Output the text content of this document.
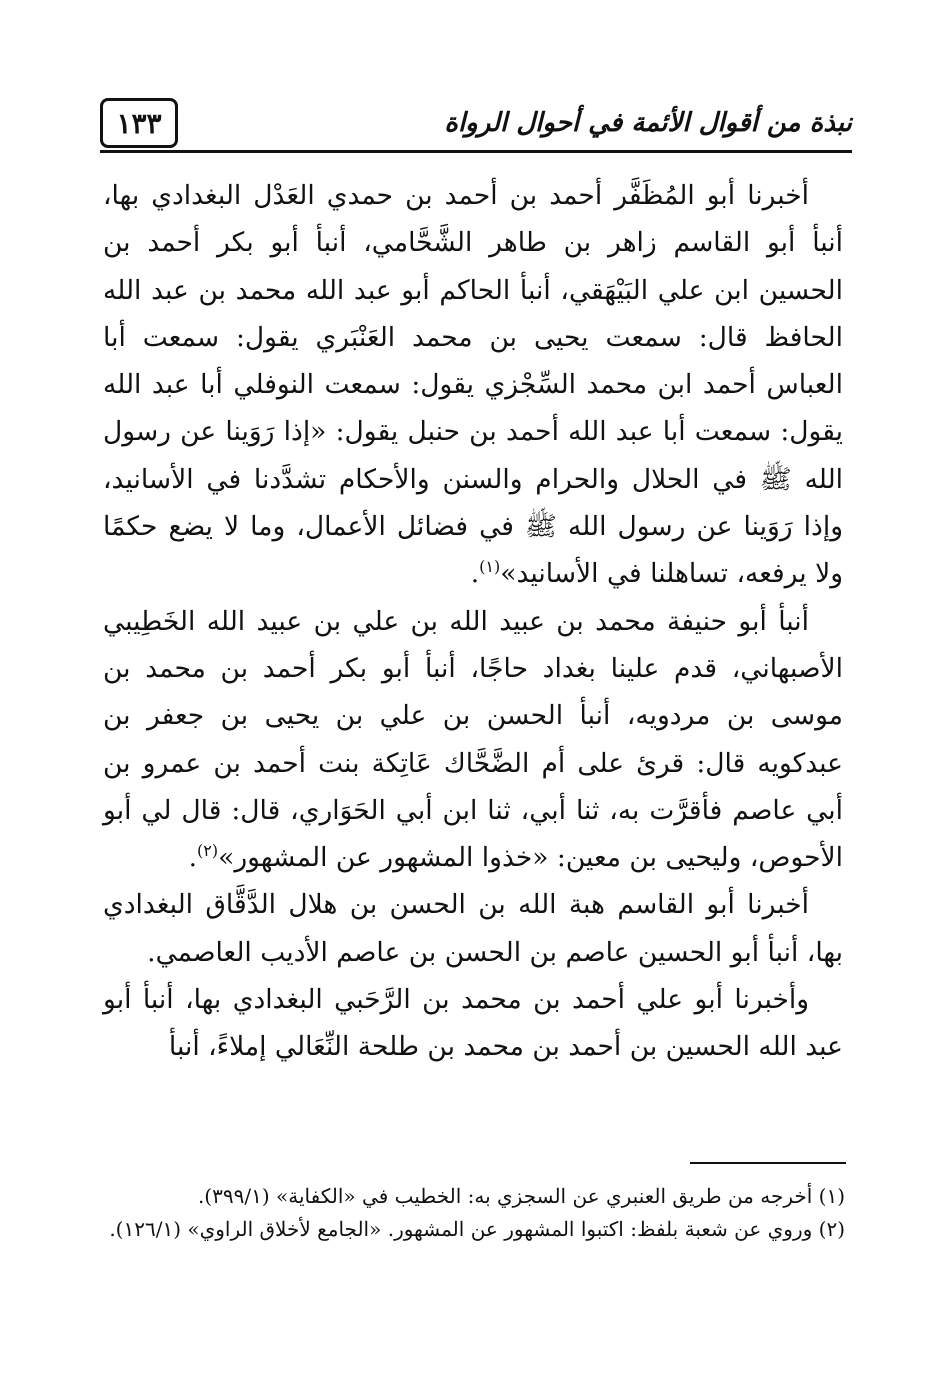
١٣٣	نبذة من أقوال الأئمة في أحوال الرواة

أخبرنا أبو المُظَفَّر أحمد بن أحمد بن حمدي العَدْل البغدادي بها، أنبأ أبو القاسم زاهر بن طاهر الشَّحَّامي، أنبأ أبو بكر أحمد بن الحسين ابن علي البَيْهَقي، أنبأ الحاكم أبو عبد الله محمد بن عبد الله الحافظ قال: سمعت يحيى بن محمد العَنْبَري يقول: سمعت أبا العباس أحمد ابن محمد السِّجْزي يقول: سمعت النوفلي أبا عبد الله يقول: سمعت أبا عبد الله أحمد بن حنبل يقول: «إذا رَوَينا عن رسول الله ﷺ في الحلال والحرام والسنن والأحكام تشدَّدنا في الأسانيد، وإذا رَوَينا عن رسول الله ﷺ في فضائل الأعمال، وما لا يضع حكمًا ولا يرفعه، تساهلنا في الأسانيد»$^{(١)}$.

أنبأ أبو حنيفة محمد بن عبيد الله بن علي بن عبيد الله الخَطِيبي الأصبهاني، قدم علينا بغداد حاجًا، أنبأ أبو بكر أحمد بن محمد بن موسى بن مردويه، أنبأ الحسن بن علي بن يحيى بن جعفر بن عبدكويه قال: قرئ على أم الضَّحَّاك عَاتِكة بنت أحمد بن عمرو بن أبي عاصم فأقرَّت به، ثنا أبي، ثنا ابن أبي الحَوَاري، قال: قال لي أبو الأحوص، وليحيى بن معين: «خذوا المشهور عن المشهور»$^{(٢)}$.

أخبرنا أبو القاسم هبة الله بن الحسن بن هلال الدَّقَّاق البغدادي بها، أنبأ أبو الحسين عاصم بن الحسن بن عاصم الأديب العاصمي.

وأخبرنا أبو علي أحمد بن محمد بن الرَّحَبي البغدادي بها، أنبأ أبو عبد الله الحسين بن أحمد بن محمد بن طلحة النِّعَالي إملاءً، أنبأ

(١) أخرجه من طريق العنبري عن السجزي به: الخطيب في «الكفاية» (٣٩٩/١).

(٢) وروي عن شعبة بلفظ: اكتبوا المشهور عن المشهور. «الجامع لأخلاق الراوي» (١٢٦/١).
